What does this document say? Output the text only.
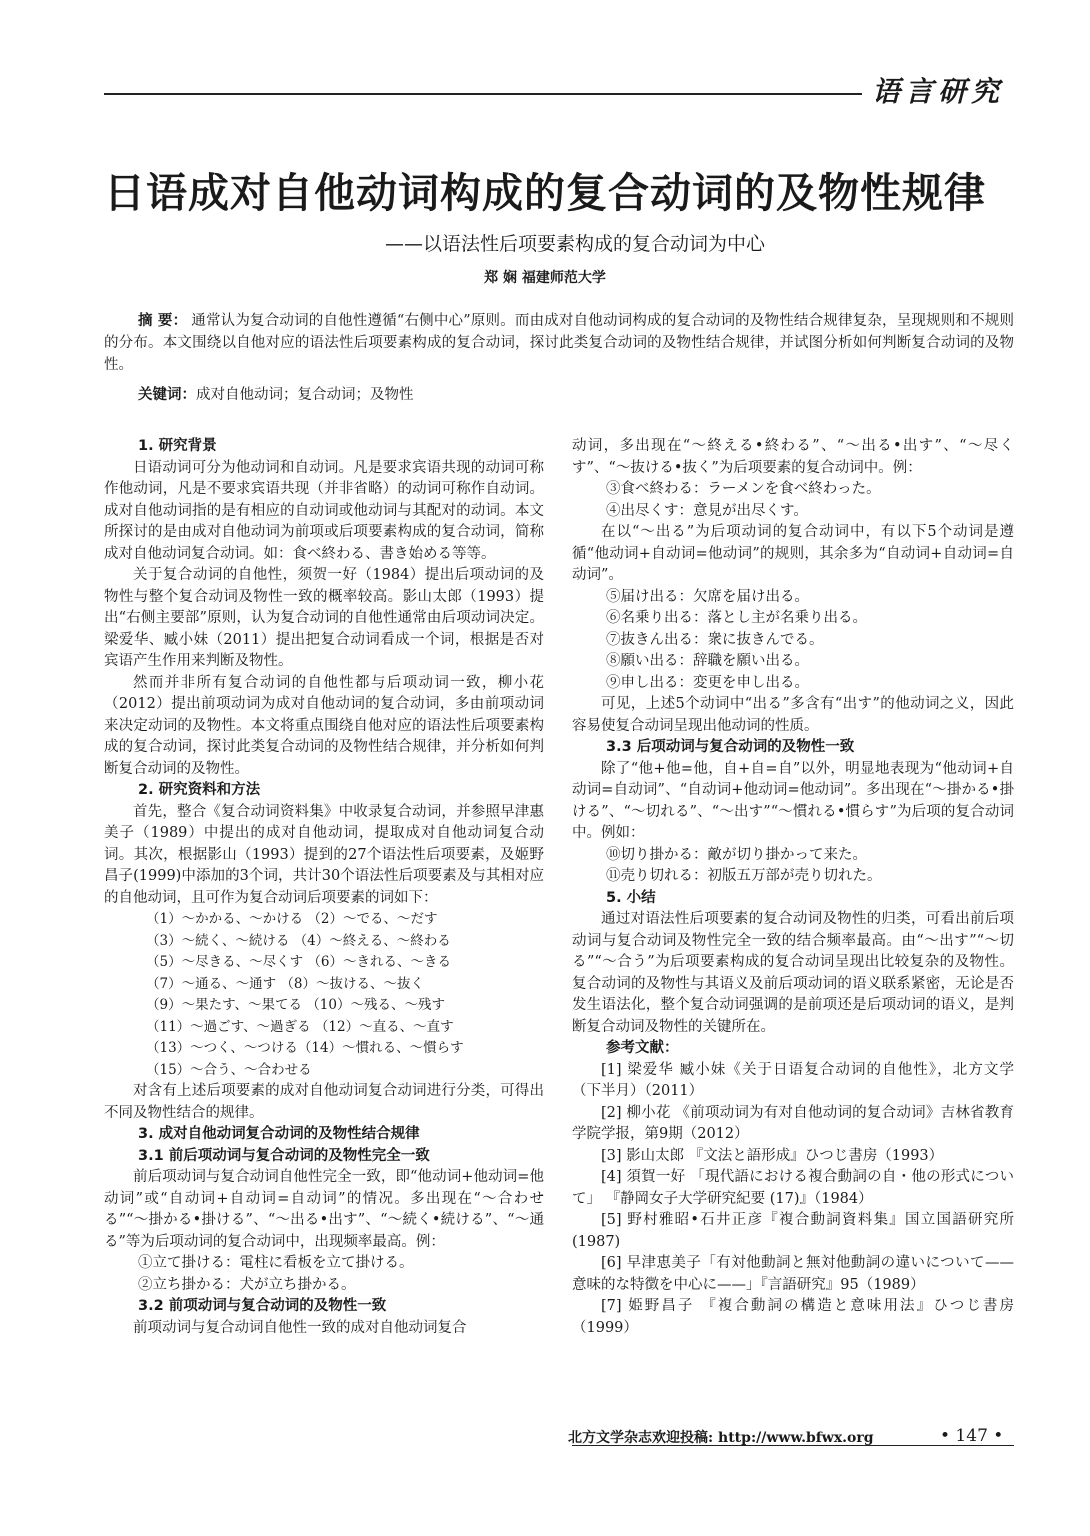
语言研究
日语成对自他动词构成的复合动词的及物性规律
——以语法性后项要素构成的复合动词为中心
郑 娴 福建师范大学
摘 要： 通常认为复合动词的自他性遵循“右侧中心”原则。而由成对自他动词构成的复合动词的及物性结合规律复杂，呈现规则和不规则的分布。本文围绕以自他对应的语法性后项要素构成的复合动词，探讨此类复合动词的及物性结合规律，并试图分析如何判断复合动词的及物性。
关键词：成对自他动词；复合动词；及物性
1. 研究背景

日语动词可分为他动词和自动词。凡是要求宾语共现的动词可称作他动词，凡是不要求宾语共现（并非省略）的动词可称作自动词。成对自他动词指的是有相应的自动词或他动词与其配对的动词。本文所探讨的是由成对自他动词为前项或后项要素构成的复合动词，简称成对自他动词复合动词。如：食べ終わる、書き始める等等。

关于复合动词的自他性，须贺一好（1984）提出后项动词的及物性与整个复合动词及物性一致的概率较高。影山太郎（1993）提出“右侧主要部”原则，认为复合动词的自他性通常由后项动词决定。梁爱华、臧小妹（2011）提出把复合动词看成一个词，根据是否对宾语产生作用来判断及物性。

然而并非所有复合动词的自他性都与后项动词一致，柳小花（2012）提出前项动词为成对自他动词的复合动词，多由前项动词来决定动词的及物性。本文将重点围绕自他对应的语法性后项要素构成的复合动词，探讨此类复合动词的及物性结合规律，并分析如何判断复合动词的及物性。

2. 研究资料和方法

首先，整合《复合动词资料集》中收录复合动词，并参照早津惠美子（1989）中提出的成对自他动词，提取成对自他动词复合动词。其次，根据影山（1993）提到的27个语法性后项要素，及姬野昌子(1999)中添加的3个词，共计30个语法性后项要素及与其相对应的自他动词，且可作为复合动词后项要素的词如下：

（1）～かかる、～かける （2）～でる、～だす
（3）～続く、～続ける （4）～終える、～終わる
（5）～尽きる、～尽くす （6）～きれる、～きる
（7）～通る、～通す （8）～抜ける、～抜く
（9）～果たす、～果てる （10）～残る、～残す
（11）～過ごす、～過ぎる （12）～直る、～直す
（13）～つく、～つける（14）～慣れる、～慣らす
（15）～合う、～合わせる

对含有上述后项要素的成对自他动词复合动词进行分类，可得出不同及物性结合的规律。

3. 成对自他动词复合动词的及物性结合规律
3.1 前后项动词与复合动词的及物性完全一致

前后项动词与复合动词自他性完全一致，即“他动词+他动词=他动词”或“自动词+自动词=自动词”的情况。多出现在“～合わせる”“～掛かる•掛ける”、“～出る•出す”、“～続く•続ける”、“～通る”等为后项动词的复合动词中，出现频率最高。例：

①立て掛ける：電柱に看板を立て掛ける。
②立ち掛かる：犬が立ち掛かる。
3.2 前项动词与复合动词的及物性一致

前项动词与复合动词自他性一致的成对自他动词复合

动词，多出现在“～終える•終わる”、“～出る•出す”、“～尽くす”、“～抜ける•抜く”为后项要素的复合动词中。例：

③食べ終わる：ラーメンを食べ終わった。
④出尽くす：意見が出尽くす。

在以“～出る”为后项动词的复合动词中，有以下5个动词是遵循“他动词+自动词=他动词”的规则，其余多为“自动词+自动词=自动词”。

⑤届け出る：欠席を届け出る。
⑥名乗り出る：落とし主が名乗り出る。
⑦抜きん出る：衆に抜きんでる。
⑧願い出る：辞職を願い出る。
⑨申し出る：変更を申し出る。

可见，上述5个动词中“出る”多含有“出す”的他动词之义，因此容易使复合动词呈现出他动词的性质。

3.3 后项动词与复合动词的及物性一致

除了“他+他=他，自+自=自”以外，明显地表现为“他动词+自动词=自动词”、“自动词+他动词=他动词”。多出现在“～掛かる•掛ける”、“～切れる”、“～出す”“～慣れる•慣らす”为后项的复合动词中。例如：

⑩切り掛かる：敵が切り掛かって来た。
⑪売り切れる：初版五万部が売り切れた。
5. 小结

通过对语法性后项要素的复合动词及物性的归类，可看出前后项动词与复合动词及物性完全一致的结合频率最高。由“～出す”“～切る”“～合う”为后项要素构成的复合动词呈现出比较复杂的及物性。复合动词的及物性与其语义及前后项动词的语义联系紧密，无论是否发生语法化，整个复合动词强调的是前项还是后项动词的语义，是判断复合动词及物性的关键所在。

参考文献：

[1] 梁爱华 臧小妹《关于日语复合动词的自他性》，北方文学（下半月）（2011）

[2] 柳小花 《前项动词为有对自他动词的复合动词》吉林省教育学院学报，第9期（2012）

[3] 影山太郎 『文法と語形成』ひつじ書房（1993）

[4] 須賀一好 「現代語における複合動詞の自・他の形式について」 『静岡女子大学研究紀要 (17)』（1984）

[5] 野村雅昭•石井正彦『複合動詞資料集』国立国語研究所 (1987)

[6] 早津恵美子「有対他動詞と無対他動詞の違いについて——意味的な特徴を中心に——」『言語研究』95（1989）

[7] 姫野昌子 『複合動詞の構造と意味用法』ひつじ書房（1999）

北方文学杂志欢迎投稿: http://www.bfwx.org	• 147 •
